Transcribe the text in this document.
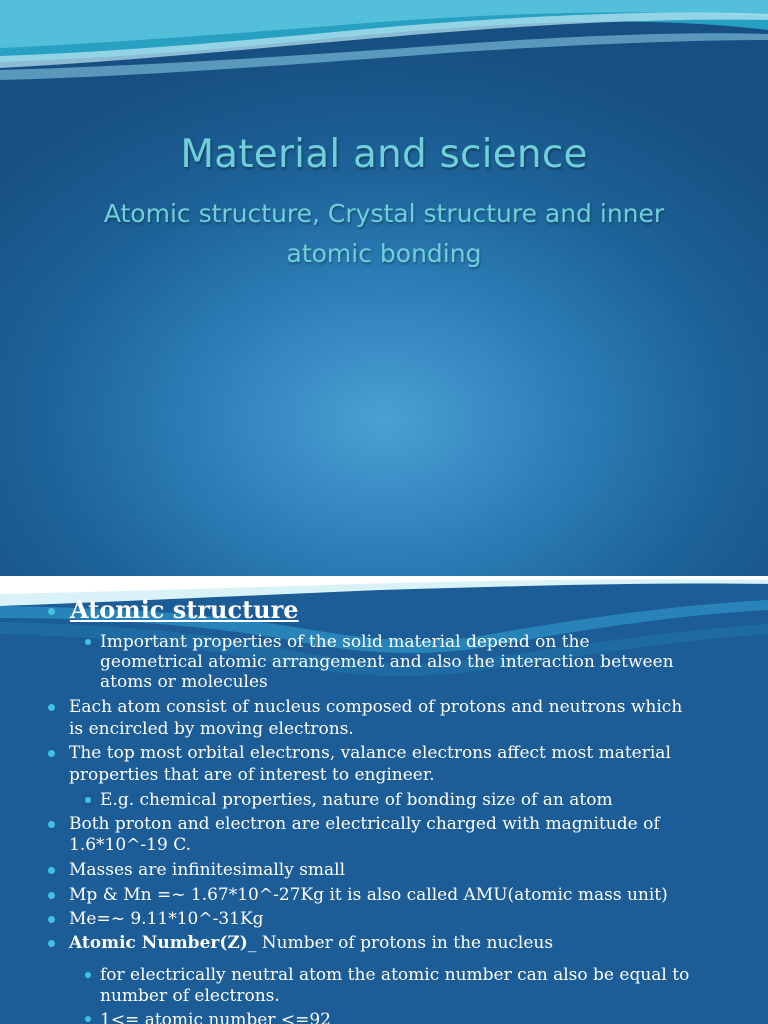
Material and science
Atomic structure, Crystal structure and inner
atomic bonding
Atomic structure
Important properties of the solid material depend on the
geometrical atomic arrangement and also the interaction between
atoms or molecules
Each atom consist of nucleus composed of protons and neutrons which
is encircled by moving electrons.
The top most orbital electrons, valance electrons affect most material
properties that are of interest to engineer.
E.g. chemical properties, nature of bonding size of an atom
Both proton and electron are electrically charged with magnitude of
1.6*10^-19 C.
Masses are infinitesimally small
Mp & Mn =~ 1.67*10^-27Kg it is also called AMU(atomic mass unit)
Me=~ 9.11*10^-31Kg
Atomic Number(Z)_ Number of protons in the nucleus
for electrically neutral atom the atomic number can also be equal to
number of electrons.
1<= atomic number <=92
